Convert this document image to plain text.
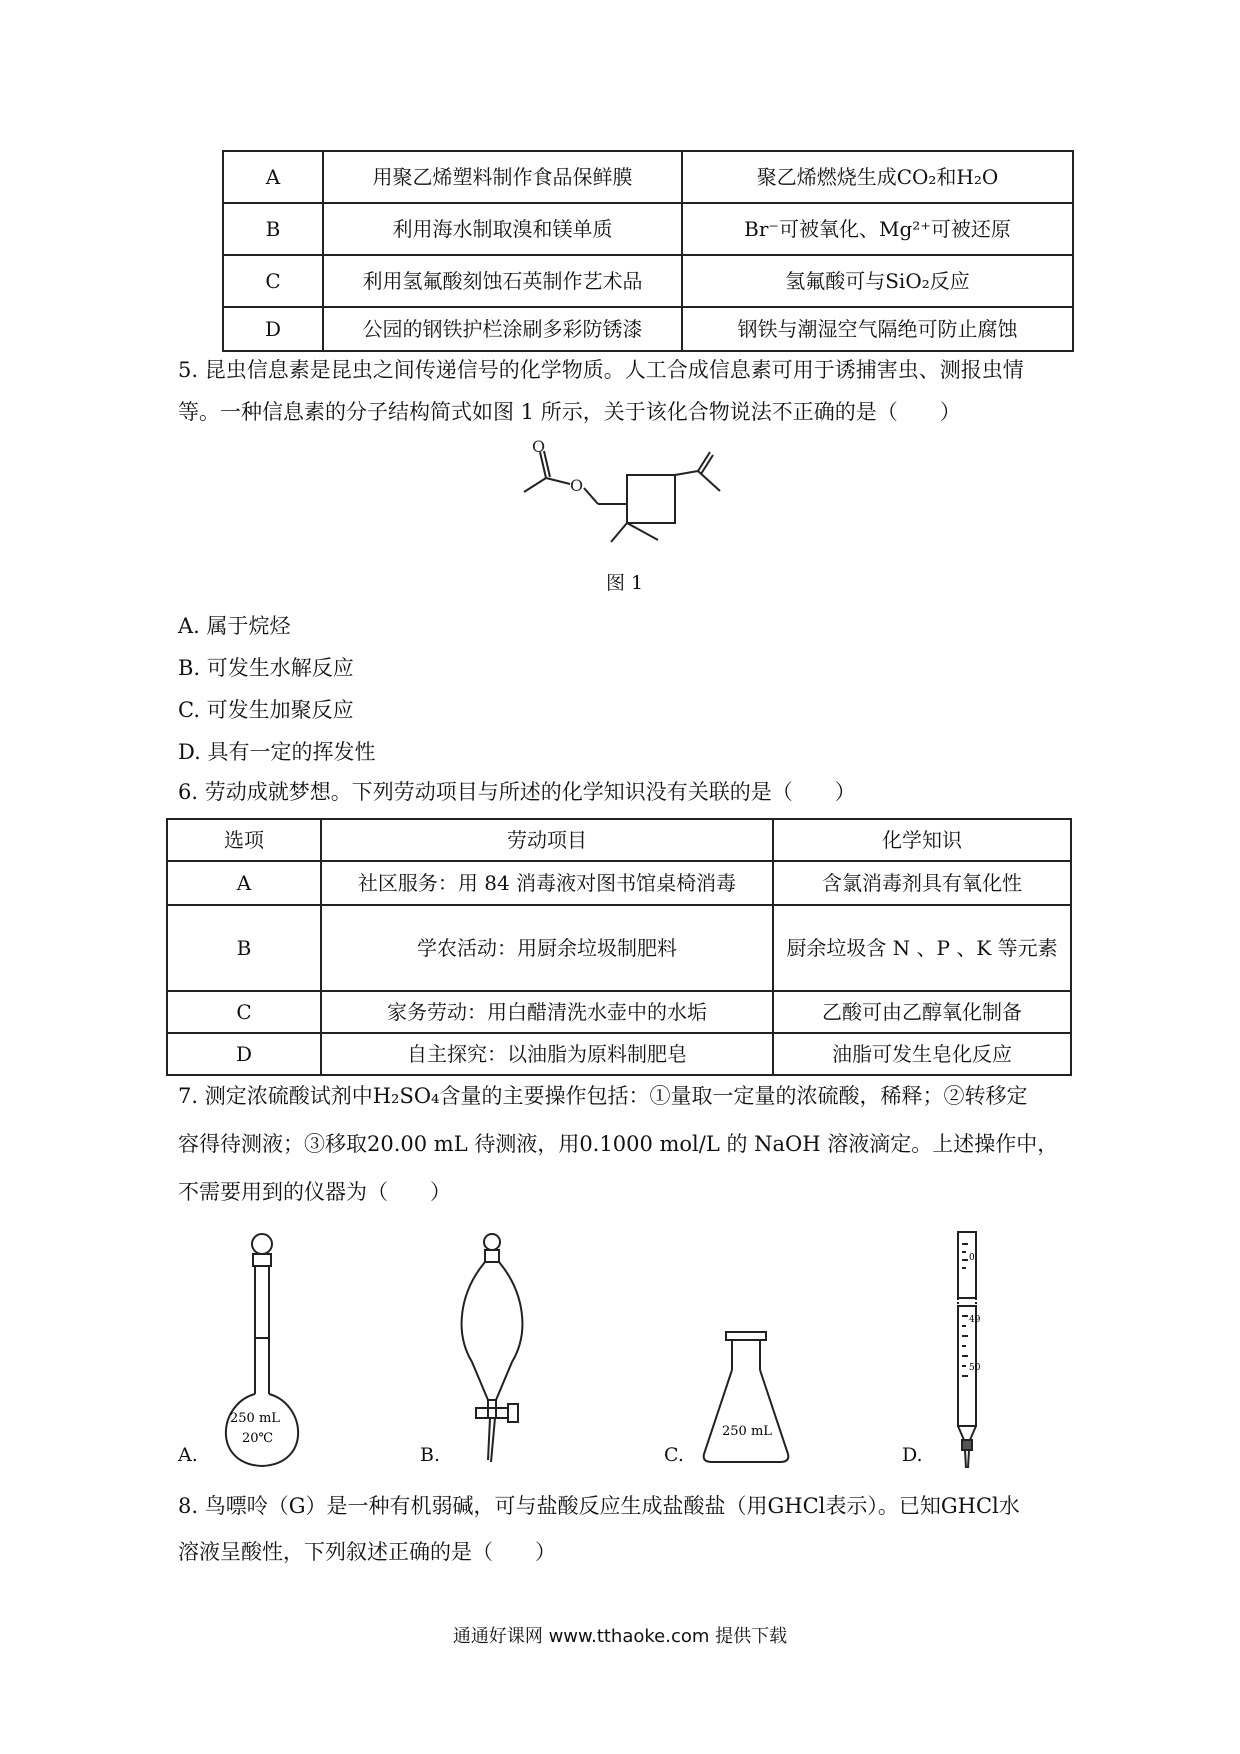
A	用聚乙烯塑料制作食品保鲜膜	聚乙烯燃烧生成CO₂和H₂O
B	利用海水制取溴和镁单质	Br⁻可被氧化、Mg²⁺可被还原
C	利用氢氟酸刻蚀石英制作艺术品	氢氟酸可与SiO₂反应
D	公园的钢铁护栏涂刷多彩防锈漆	钢铁与潮湿空气隔绝可防止腐蚀
5. 昆虫信息素是昆虫之间传递信号的化学物质。人工合成信息素可用于诱捕害虫、测报虫情
等。一种信息素的分子结构简式如图 1 所示，关于该化合物说法不正确的是（　　）
O
O
图 1
A. 属于烷烃
B. 可发生水解反应
C. 可发生加聚反应
D. 具有一定的挥发性
6. 劳动成就梦想。下列劳动项目与所述的化学知识没有关联的是（　　）
选项	劳动项目	化学知识
A	社区服务：用 84 消毒液对图书馆桌椅消毒	含氯消毒剂具有氧化性
B	学农活动：用厨余垃圾制肥料	厨余垃圾含 N 、P 、K 等元素
C	家务劳动：用白醋清洗水壶中的水垢	乙酸可由乙醇氧化制备
D	自主探究：以油脂为原料制肥皂	油脂可发生皂化反应
7. 测定浓硫酸试剂中H₂SO₄含量的主要操作包括：①量取一定量的浓硫酸，稀释；②转移定
容得待测液；③移取20.00 mL 待测液，用0.1000 mol/L 的 NaOH 溶液滴定。上述操作中，
不需要用到的仪器为（　　）
250 mL
20℃
A.	B.
250 mL
C.
0
49
50
D.
8. 鸟嘌呤（G）是一种有机弱碱，可与盐酸反应生成盐酸盐（用GHCl表示）。已知GHCl水
溶液呈酸性，下列叙述正确的是（　　）
通通好课网 www.tthaoke.com 提供下载
